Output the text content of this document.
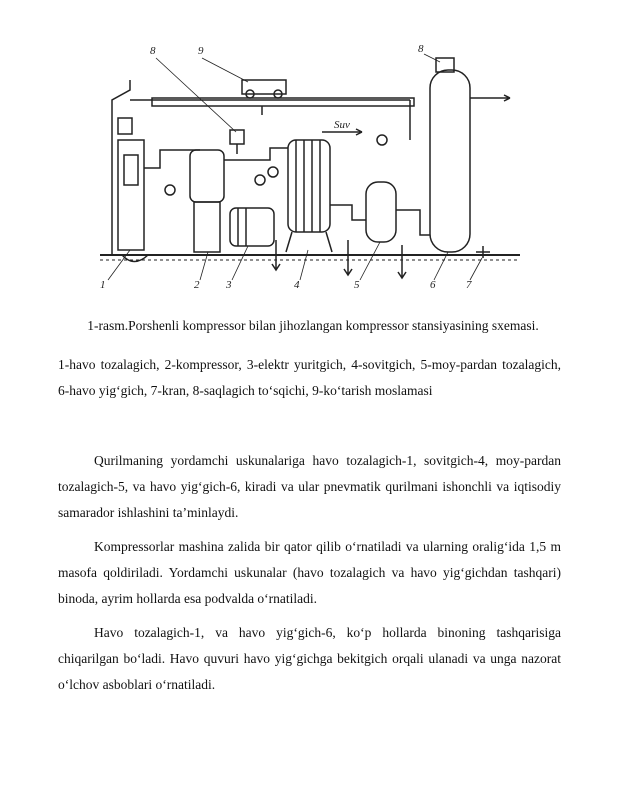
Suv
1	2 3	4	5	6	7
8	9	8
1-rasm.Porshenli kompressor bilan jihozlangan kompressor stansiyasining sxemasi.
1-havo tozalagich, 2-kompressor, 3-elektr yuritgich, 4-sovitgich, 5-moy-pardan tozalagich, 6-havo yig‘gich, 7-kran, 8-saqlagich to‘sqichi, 9-ko‘tarish moslamasi

Qurilmaning yordamchi uskunalariga havo tozalagich-1, sovitgich-4, moy-pardan tozalagich-5, va havo yig‘gich-6, kiradi va ular pnevmatik qurilmani ishonchli va iqtisodiy samarador ishlashini ta’minlaydi.

Kompressorlar mashina zalida bir qator qilib o‘rnatiladi va ularning oralig‘ida 1,5 m masofa qoldiriladi. Yordamchi uskunalar (havo tozalagich va havo yig‘gichdan tashqari) binoda, ayrim hollarda esa podvalda o‘rnatiladi.

Havo tozalagich-1, va havo yig‘gich-6, ko‘p hollarda binoning tashqarisiga chiqarilgan bo‘ladi. Havo quvuri havo yig‘gichga bekitgich orqali ulanadi va unga nazorat o‘lchov asboblari o‘rnatiladi.
